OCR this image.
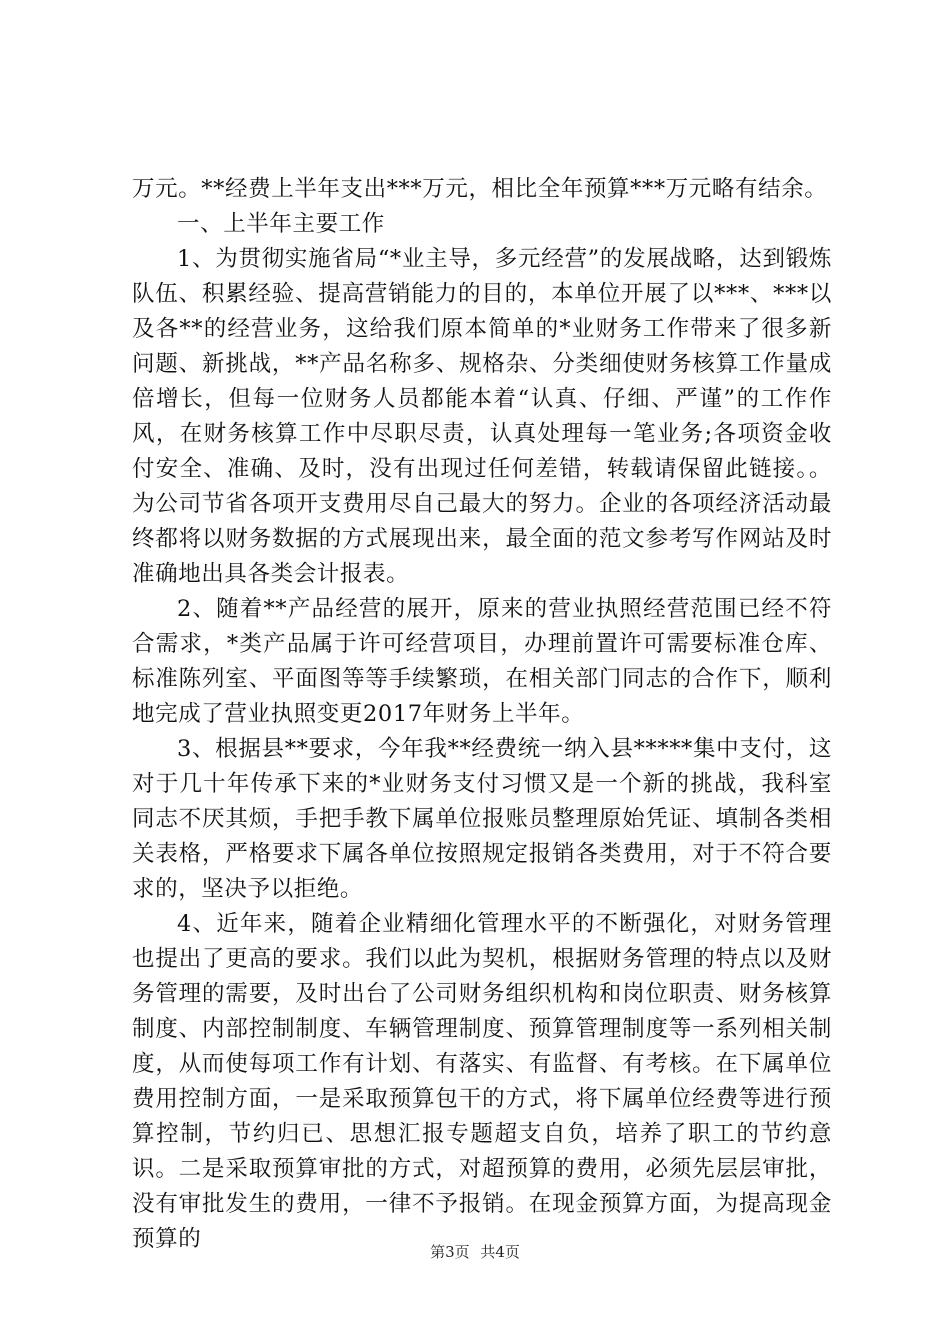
万元。**经费上半年支出***万元，相比全年预算***万元略有结余。

一、上半年主要工作

1、为贯彻实施省局“*业主导，多元经营”的发展战略，达到锻炼队伍、积累经验、提高营销能力的目的，本单位开展了以***、***以及各**的经营业务，这给我们原本简单的*业财务工作带来了很多新问题、新挑战，**产品名称多、规格杂、分类细使财务核算工作量成倍增长，但每一位财务人员都能本着“认真、仔细、严谨”的工作作风，在财务核算工作中尽职尽责，认真处理每一笔业务;各项资金收付安全、准确、及时，没有出现过任何差错，转载请保留此链接。。为公司节省各项开支费用尽自己最大的努力。企业的各项经济活动最终都将以财务数据的方式展现出来，最全面的范文参考写作网站及时准确地出具各类会计报表。

2、随着**产品经营的展开，原来的营业执照经营范围已经不符合需求，*类产品属于许可经营项目，办理前置许可需要标准仓库、标准陈列室、平面图等等手续繁琐，在相关部门同志的合作下，顺利地完成了营业执照变更2017年财务上半年。

3、根据县**要求，今年我**经费统一纳入县*****集中支付，这对于几十年传承下来的*业财务支付习惯又是一个新的挑战，我科室同志不厌其烦，手把手教下属单位报账员整理原始凭证、填制各类相关表格，严格要求下属各单位按照规定报销各类费用，对于不符合要求的，坚决予以拒绝。

4、近年来，随着企业精细化管理水平的不断强化，对财务管理也提出了更高的要求。我们以此为契机，根据财务管理的特点以及财务管理的需要，及时出台了公司财务组织机构和岗位职责、财务核算制度、内部控制制度、车辆管理制度、预算管理制度等一系列相关制度，从而使每项工作有计划、有落实、有监督、有考核。在下属单位费用控制方面，一是采取预算包干的方式，将下属单位经费等进行预算控制，节约归已、思想汇报专题超支自负，培养了职工的节约意识。二是采取预算审批的方式，对超预算的费用，必须先层层审批，没有审批发生的费用，一律不予报销。在现金预算方面，为提高现金预算的	第3页 共4页
